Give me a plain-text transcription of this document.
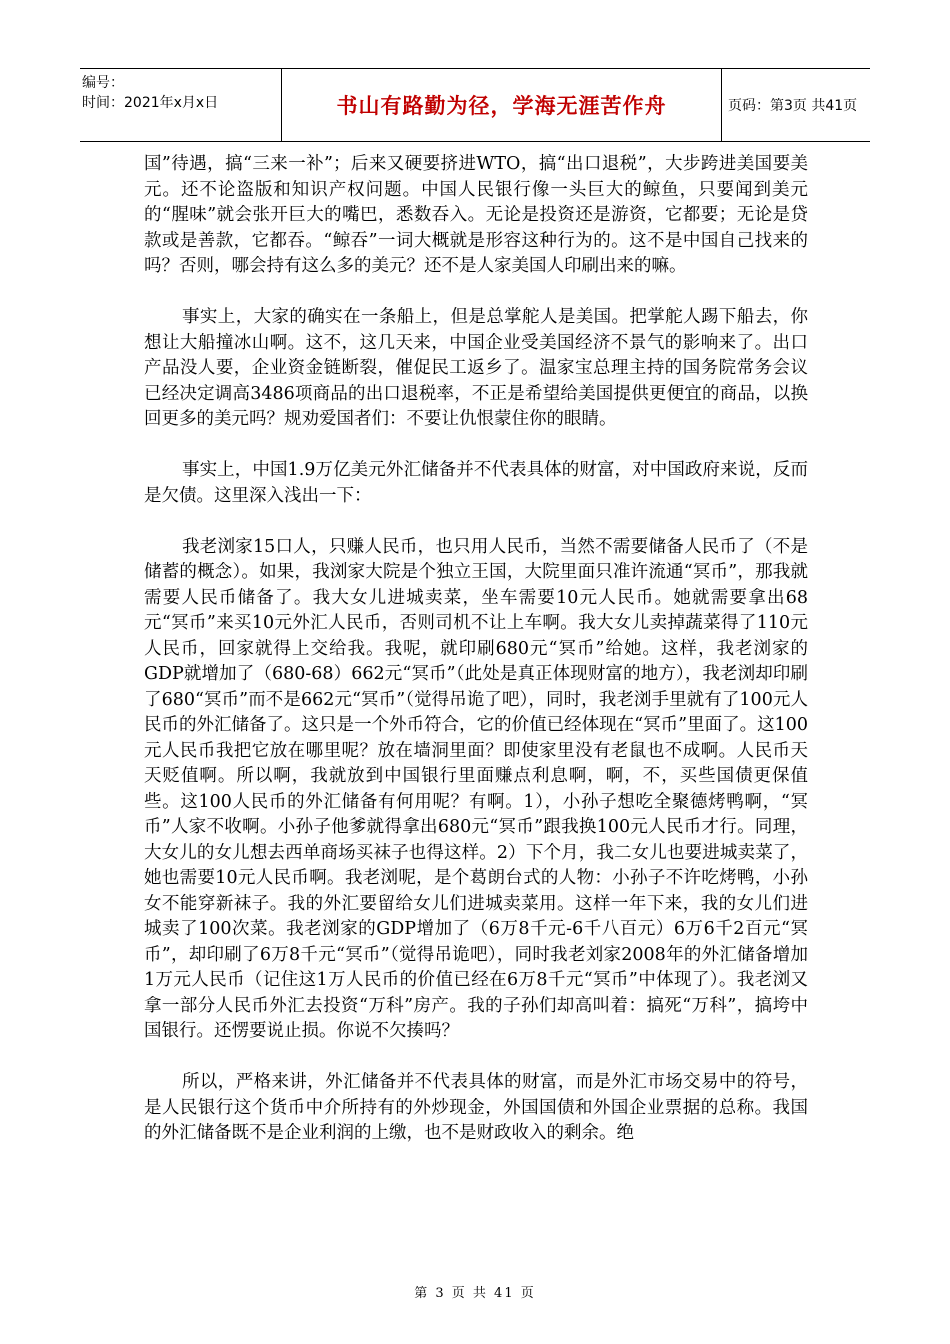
编号：
时间：2021年x月x日	书山有路勤为径，学海无涯苦作舟	页码：第3页 共41页

国”待遇，搞“三来一补”；后来又硬要挤进WTO，搞“出口退税”，大步跨进美国要美元。还不论盗版和知识产权问题。中国人民银行像一头巨大的鲸鱼，只要闻到美元的“腥味”就会张开巨大的嘴巴，悉数吞入。无论是投资还是游资，它都要；无论是贷款或是善款，它都吞。“鲸吞”一词大概就是形容这种行为的。这不是中国自己找来的吗？否则，哪会持有这么多的美元？还不是人家美国人印刷出来的嘛。

事实上，大家的确实在一条船上，但是总掌舵人是美国。把掌舵人踢下船去，你想让大船撞冰山啊。这不，这几天来，中国企业受美国经济不景气的影响来了。出口产品没人要，企业资金链断裂，催促民工返乡了。温家宝总理主持的国务院常务会议已经决定调高3486项商品的出口退税率，不正是希望给美国提供更便宜的商品，以换回更多的美元吗？规劝爱国者们：不要让仇恨蒙住你的眼睛。

事实上，中国1.9万亿美元外汇储备并不代表具体的财富，对中国政府来说，反而是欠债。这里深入浅出一下：

我老浏家15口人，只赚人民币，也只用人民币，当然不需要储备人民币了（不是储蓄的概念）。如果，我浏家大院是个独立王国，大院里面只准许流通“冥币”，那我就需要人民币储备了。我大女儿进城卖菜，坐车需要10元人民币。她就需要拿出68元“冥币”来买10元外汇人民币，否则司机不让上车啊。我大女儿卖掉蔬菜得了110元人民币，回家就得上交给我。我呢，就印刷680元“冥币”给她。这样，我老浏家的GDP就增加了（680-68）662元“冥币”（此处是真正体现财富的地方），我老浏却印刷了680“冥币”而不是662元“冥币”（觉得吊诡了吧），同时，我老浏手里就有了100元人民币的外汇储备了。这只是一个外币符合，它的价值已经体现在“冥币”里面了。这100元人民币我把它放在哪里呢？放在墙洞里面？即使家里没有老鼠也不成啊。人民币天天贬值啊。所以啊，我就放到中国银行里面赚点利息啊，啊，不，买些国债更保值些。这100人民币的外汇储备有何用呢？有啊。1），小孙子想吃全聚德烤鸭啊，“冥币”人家不收啊。小孙子他爹就得拿出680元“冥币”跟我换100元人民币才行。同理，大女儿的女儿想去西单商场买袜子也得这样。2）下个月，我二女儿也要进城卖菜了，她也需要10元人民币啊。我老浏呢，是个葛朗台式的人物：小孙子不许吃烤鸭，小孙女不能穿新袜子。我的外汇要留给女儿们进城卖菜用。这样一年下来，我的女儿们进城卖了100次菜。我老浏家的GDP增加了（6万8千元-6千八百元）6万6千2百元“冥币”，却印刷了6万8千元“冥币”（觉得吊诡吧），同时我老刘家2008年的外汇储备增加1万元人民币（记住这1万人民币的价值已经在6万8千元“冥币”中体现了）。我老浏又拿一部分人民币外汇去投资“万科”房产。我的子孙们却高叫着：搞死“万科”，搞垮中国银行。还愣要说止损。你说不欠揍吗？

所以，严格来讲，外汇储备并不代表具体的财富，而是外汇市场交易中的符号，是人民银行这个货币中介所持有的外炒现金，外国国债和外国企业票据的总称。我国的外汇储备既不是企业利润的上缴，也不是财政收入的剩余。绝

第 3 页 共 41 页
